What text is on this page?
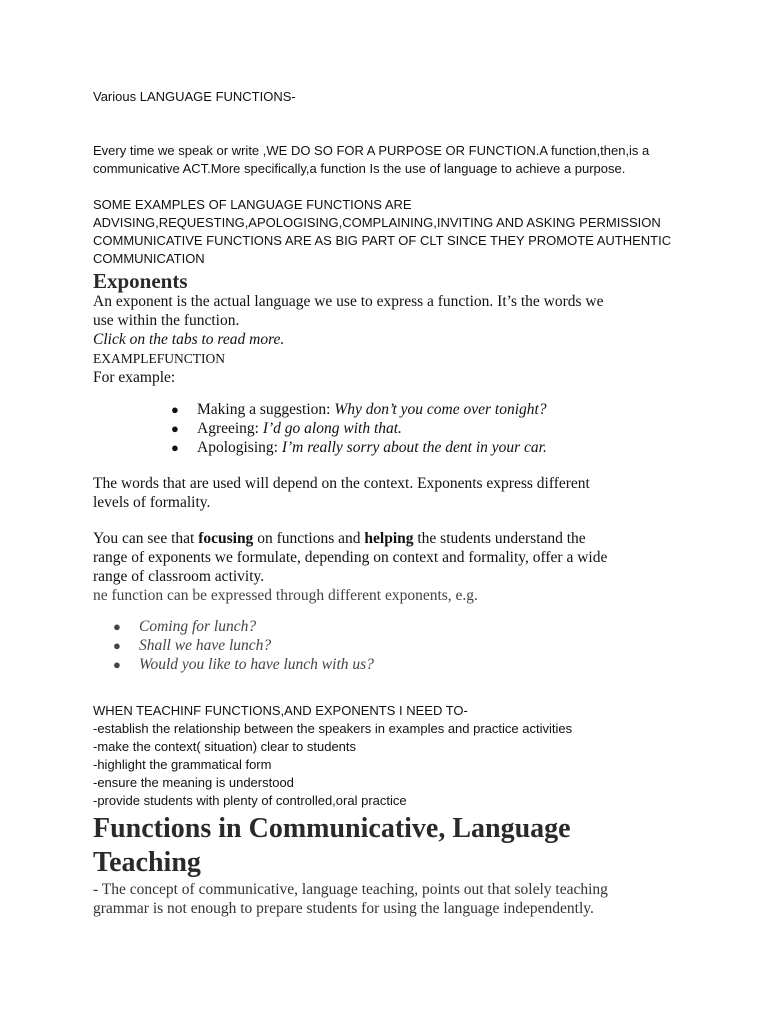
Various LANGUAGE FUNCTIONS-

Every time we speak or write ,WE DO SO FOR A PURPOSE OR FUNCTION.A function,then,is a

communicative ACT.More specifically,a function Is the use of language to achieve a purpose.

SOME EXAMPLES OF LANGUAGE FUNCTIONS ARE

ADVISING,REQUESTING,APOLOGISING,COMPLAINING,INVITING AND ASKING PERMISSION

COMMUNICATIVE FUNCTIONS ARE AS BIG PART OF CLT SINCE THEY PROMOTE AUTHENTIC

COMMUNICATION

Exponents

An exponent is the actual language we use to express a function. It’s the words we

use within the function.

Click on the tabs to read more.

EXAMPLEFUNCTION

For example:

● Making a suggestion: Why don’t you come over tonight?
● Agreeing: I’d go along with that.
● Apologising: I’m really sorry about the dent in your car.

The words that are used will depend on the context. Exponents express different

levels of formality.

You can see that focusing on functions and helping the students understand the

range of exponents we formulate, depending on context and formality, offer a wide

range of classroom activity.

ne function can be expressed through different exponents, e.g.

● Coming for lunch?
● Shall we have lunch?
● Would you like to have lunch with us?

WHEN TEACHINF FUNCTIONS,AND EXPONENTS I NEED TO-

-establish the relationship between the speakers in examples and practice activities

-make the context( situation) clear to students

-highlight the grammatical form

-ensure the meaning is understood

-provide students with plenty of controlled,oral practice

Functions in Communicative, Language
Teaching

- The concept of communicative, language teaching, points out that solely teaching

grammar is not enough to prepare students for using the language independently.
